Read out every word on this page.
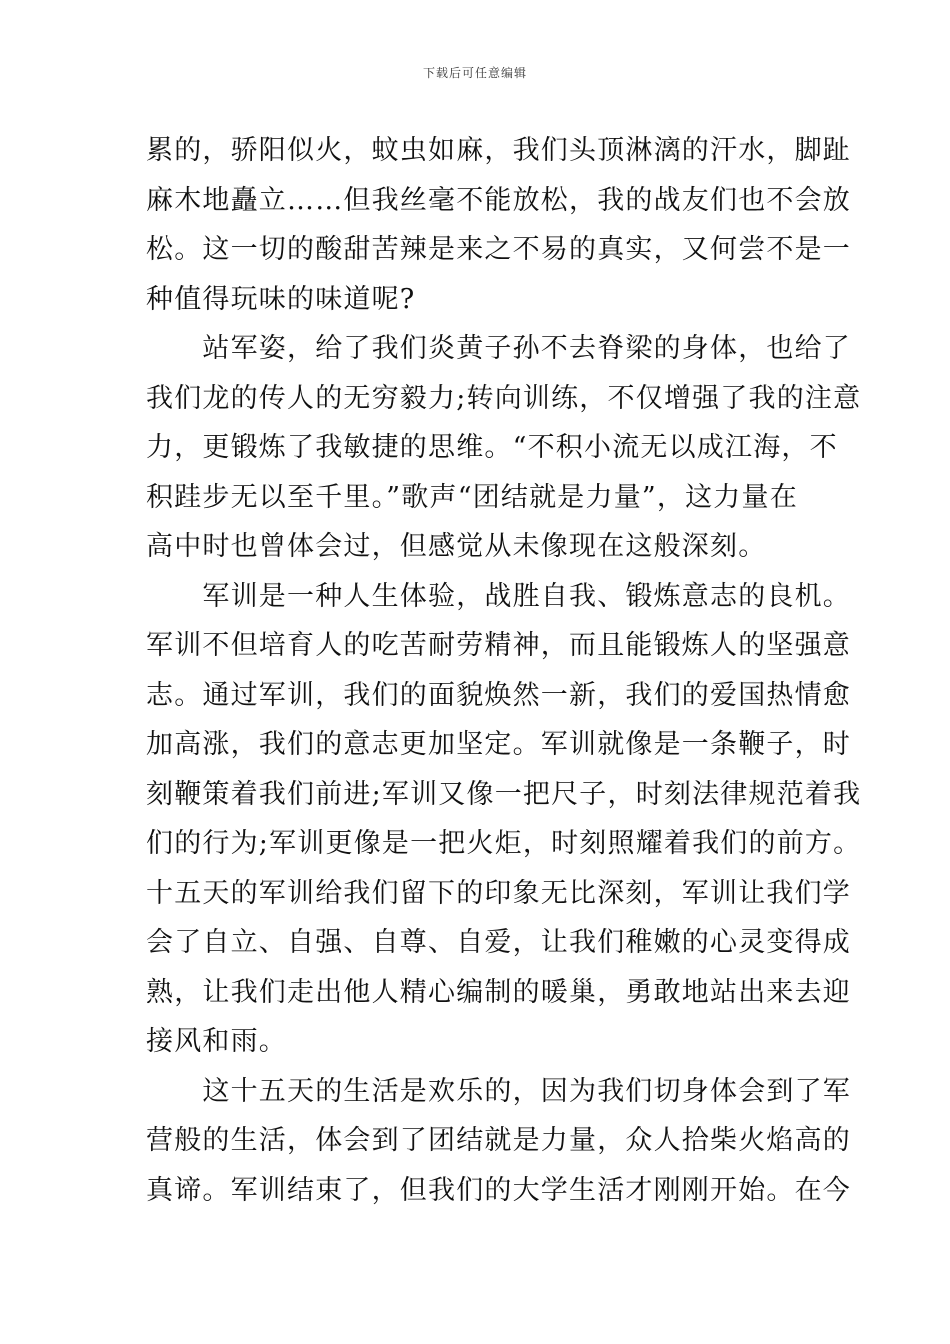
下载后可任意编辑
累的，骄阳似火，蚊虫如麻，我们头顶淋漓的汗水，脚趾
麻木地矗立……但我丝毫不能放松，我的战友们也不会放
松。这一切的酸甜苦辣是来之不易的真实，又何尝不是一
种值得玩味的味道呢?
　　站军姿，给了我们炎黄子孙不去脊梁的身体，也给了
我们龙的传人的无穷毅力;转向训练，不仅增强了我的注意
力，更锻炼了我敏捷的思维。“不积小流无以成江海，不
积跬步无以至千里。”歌声“团结就是力量”，这力量在
高中时也曾体会过，但感觉从未像现在这般深刻。
　　军训是一种人生体验，战胜自我、锻炼意志的良机。
军训不但培育人的吃苦耐劳精神，而且能锻炼人的坚强意
志。通过军训，我们的面貌焕然一新，我们的爱国热情愈
加高涨，我们的意志更加坚定。军训就像是一条鞭子，时
刻鞭策着我们前进;军训又像一把尺子，时刻法律规范着我
们的行为;军训更像是一把火炬，时刻照耀着我们的前方。
十五天的军训给我们留下的印象无比深刻，军训让我们学
会了自立、自强、自尊、自爱，让我们稚嫩的心灵变得成
熟，让我们走出他人精心编制的暖巢，勇敢地站出来去迎
接风和雨。
　　这十五天的生活是欢乐的，因为我们切身体会到了军
营般的生活，体会到了团结就是力量，众人拾柴火焰高的
真谛。军训结束了，但我们的大学生活才刚刚开始。在今
